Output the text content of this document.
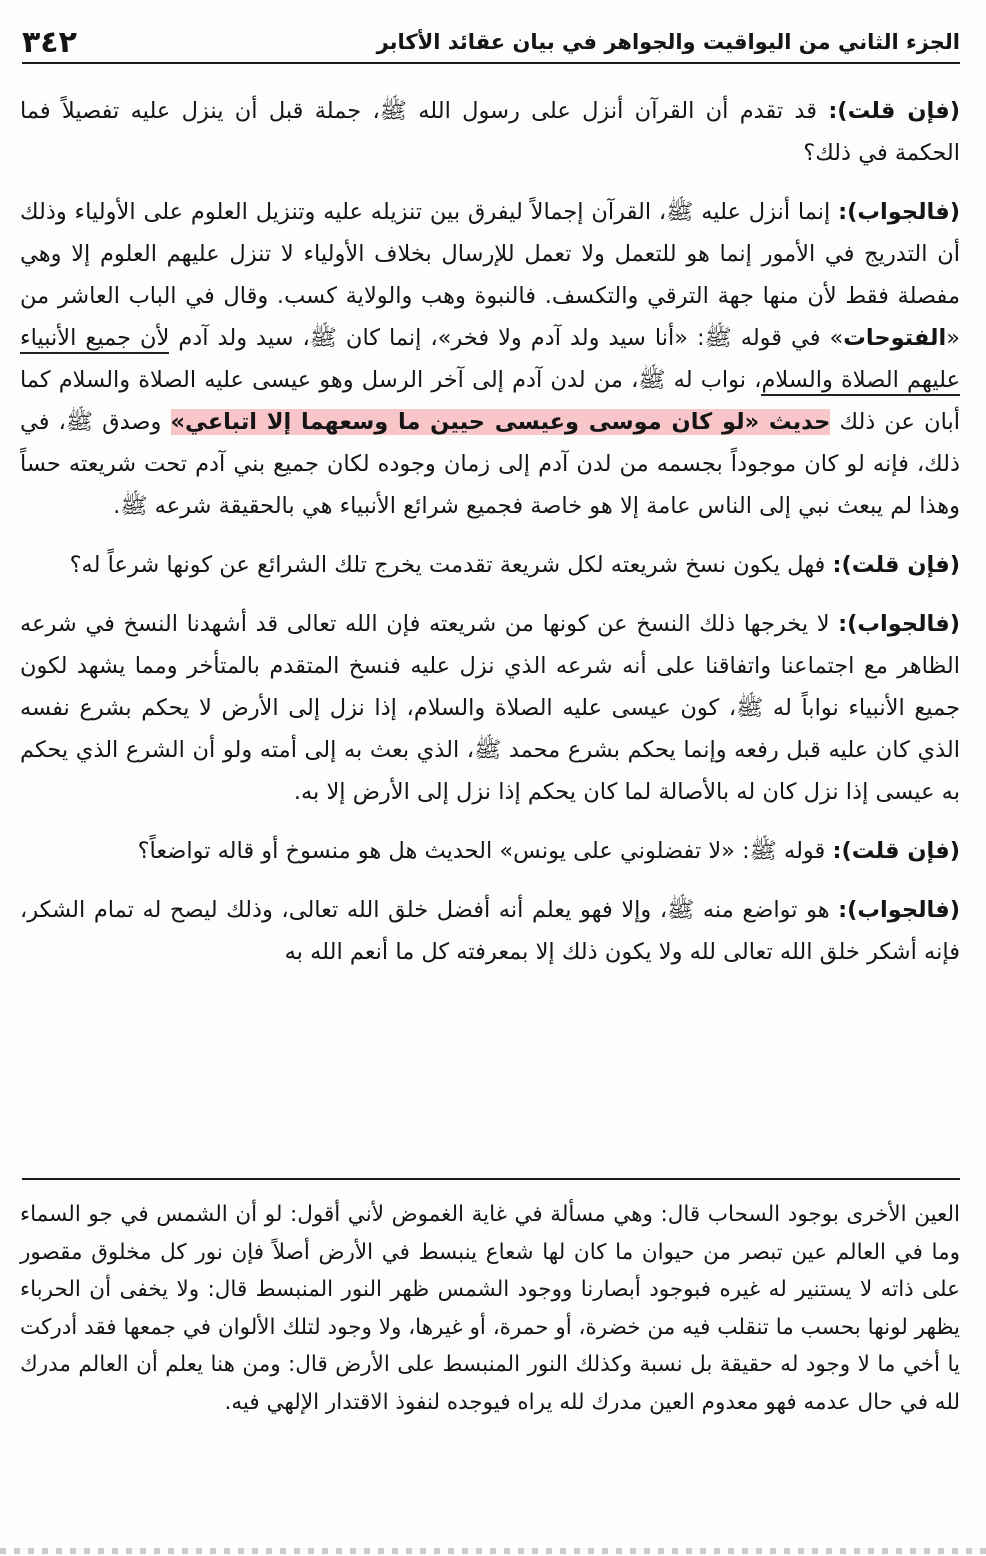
الجزء الثاني من اليواقيت والجواهر في بيان عقائد الأكابر
٣٤٢

(فإن قلت): قد تقدم أن القرآن أنزل على رسول الله ﷺ، جملة قبل أن ينزل عليه تفصيلاً فما الحكمة في ذلك؟

(فالجواب): إنما أنزل عليه ﷺ، القرآن إجمالاً ليفرق بين تنزيله عليه وتنزيل العلوم على الأولياء وذلك أن التدريج في الأمور إنما هو للتعمل ولا تعمل للإرسال بخلاف الأولياء لا تنزل عليهم العلوم إلا وهي مفصلة فقط لأن منها جهة الترقي والتكسف. فالنبوة وهب والولاية كسب. وقال في الباب العاشر من «الفتوحات» في قوله ﷺ: «أنا سيد ولد آدم ولا فخر»، إنما كان ﷺ، سيد ولد آدم لأن جميع الأنبياء عليهم الصلاة والسلام، نواب له ﷺ، من لدن آدم إلى آخر الرسل وهو عيسى عليه الصلاة والسلام كما أبان عن ذلك حديث «لو كان موسى وعيسى حيين ما وسعهما إلا اتباعي» وصدق ﷺ، في ذلك، فإنه لو كان موجوداً بجسمه من لدن آدم إلى زمان وجوده لكان جميع بني آدم تحت شريعته حساً وهذا لم يبعث نبي إلى الناس عامة إلا هو خاصة فجميع شرائع الأنبياء هي بالحقيقة شرعه ﷺ.

(فإن قلت): فهل يكون نسخ شريعته لكل شريعة تقدمت يخرج تلك الشرائع عن كونها شرعاً له؟

(فالجواب): لا يخرجها ذلك النسخ عن كونها من شريعته فإن الله تعالى قد أشهدنا النسخ في شرعه الظاهر مع اجتماعنا واتفاقنا على أنه شرعه الذي نزل عليه فنسخ المتقدم بالمتأخر ومما يشهد لكون جميع الأنبياء نواباً له ﷺ، كون عيسى عليه الصلاة والسلام، إذا نزل إلى الأرض لا يحكم بشرع نفسه الذي كان عليه قبل رفعه وإنما يحكم بشرع محمد ﷺ، الذي بعث به إلى أمته ولو أن الشرع الذي يحكم به عيسى إذا نزل كان له بالأصالة لما كان يحكم إذا نزل إلى الأرض إلا به.

(فإن قلت): قوله ﷺ: «لا تفضلوني على يونس» الحديث هل هو منسوخ أو قاله تواضعاً؟

(فالجواب): هو تواضع منه ﷺ، وإلا فهو يعلم أنه أفضل خلق الله تعالى، وذلك ليصح له تمام الشكر، فإنه أشكر خلق الله تعالى لله ولا يكون ذلك إلا بمعرفته كل ما أنعم الله به

العين الأخرى بوجود السحاب قال: وهي مسألة في غاية الغموض لأني أقول: لو أن الشمس في جو السماء وما في العالم عين تبصر من حيوان ما كان لها شعاع ينبسط في الأرض أصلاً فإن نور كل مخلوق مقصور على ذاته لا يستنير له غيره فبوجود أبصارنا ووجود الشمس ظهر النور المنبسط قال: ولا يخفى أن الحرباء يظهر لونها بحسب ما تنقلب فيه من خضرة، أو حمرة، أو غيرها، ولا وجود لتلك الألوان في جمعها فقد أدركت يا أخي ما لا وجود له حقيقة بل نسبة وكذلك النور المنبسط على الأرض قال: ومن هنا يعلم أن العالم مدرك لله في حال عدمه فهو معدوم العين مدرك لله يراه فيوجده لنفوذ الاقتدار الإلهي فيه.
